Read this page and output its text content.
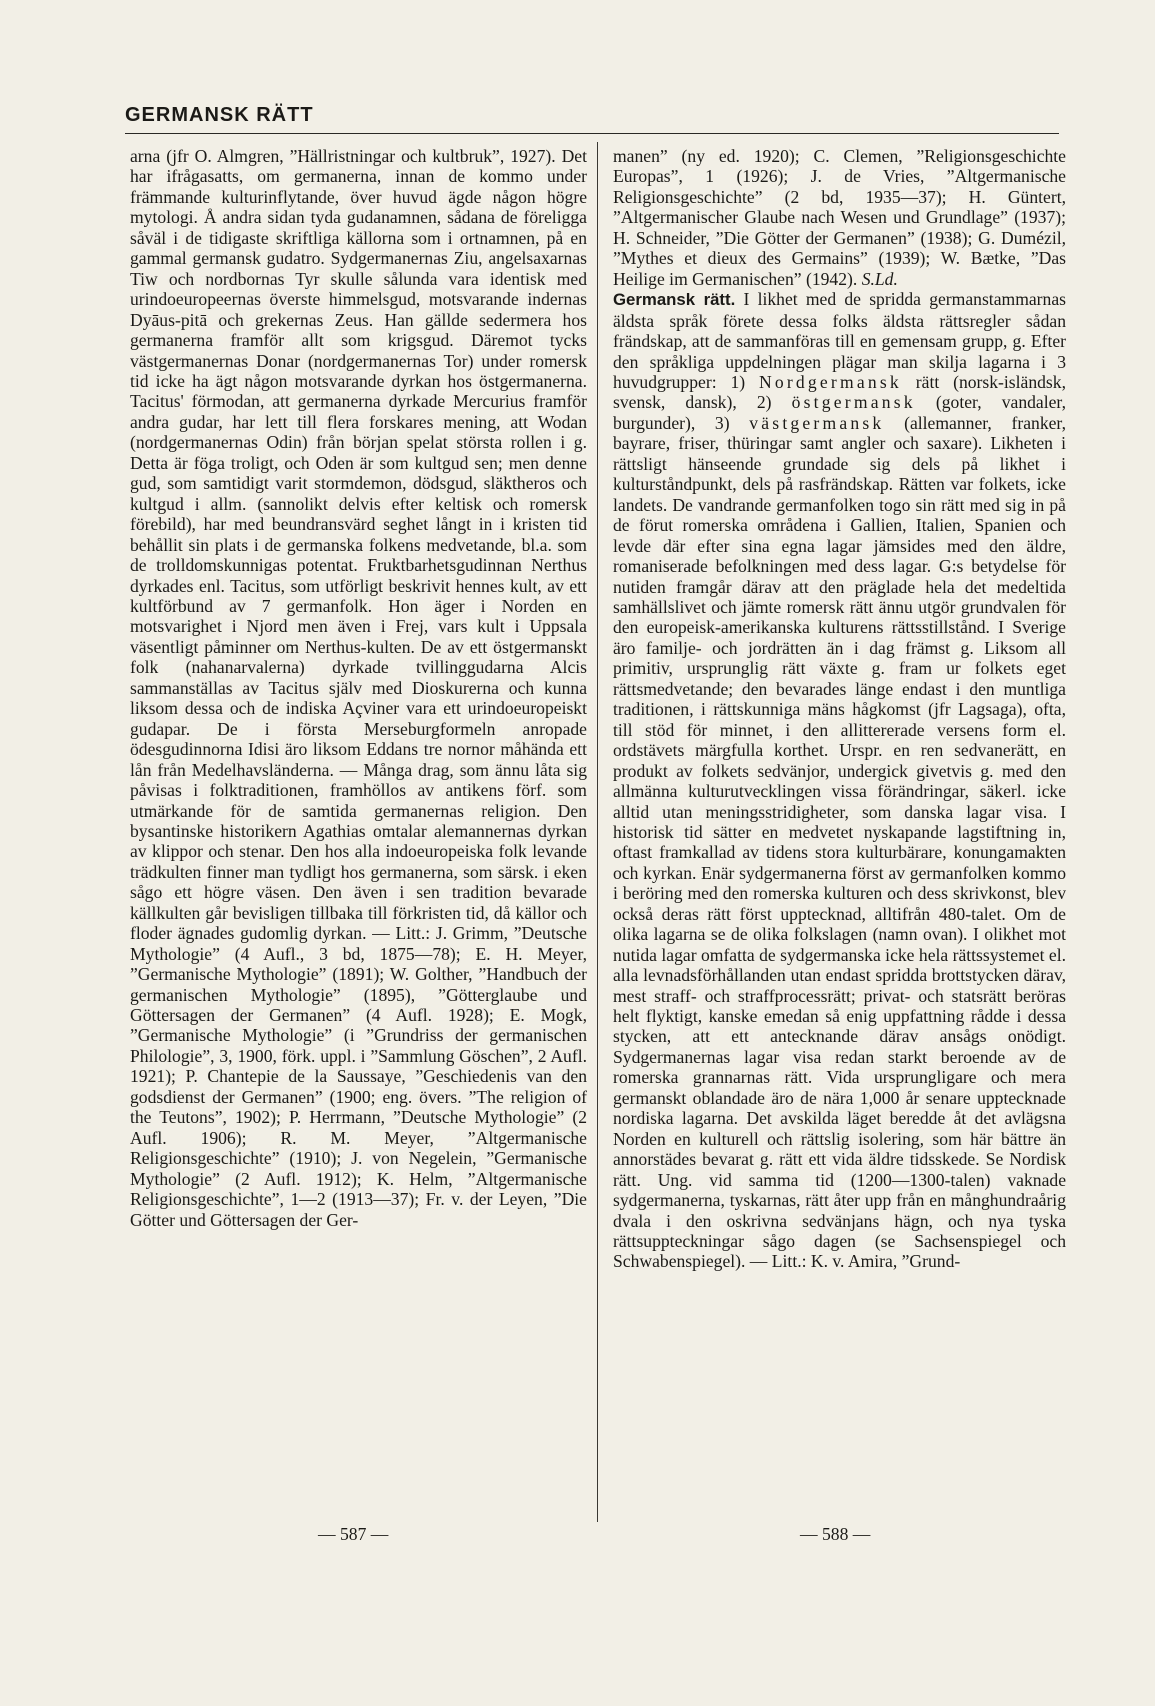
GERMANSK RÄTT

arna (jfr O. Almgren, ”Hällristningar och kultbruk”, 1927). Det har ifrågasatts, om germanerna, innan de kommo under främmande kulturinflytande, över huvud ägde någon högre mytologi. Å andra sidan tyda gudanamnen, sådana de föreligga såväl i de tidigaste skriftliga källorna som i ortnamnen, på en gammal germansk gudatro. Sydgermanernas Ziu, angelsaxarnas Tiw och nordbornas Tyr skulle sålunda vara identisk med urindoeuropeernas överste himmelsgud, motsvarande indernas Dyāus-pitā och grekernas Zeus. Han gällde sedermera hos germanerna framför allt som krigsgud. Däremot tycks västgermanernas Donar (nordgermanernas Tor) under romersk tid icke ha ägt någon motsvarande dyrkan hos östgermanerna. Tacitus' förmodan, att germanerna dyrkade Mercurius framför andra gudar, har lett till flera forskares mening, att Wodan (nordgermanernas Odin) från början spelat största rollen i g. Detta är föga troligt, och Oden är som kultgud sen; men denne gud, som samtidigt varit stormdemon, dödsgud, släktheros och kultgud i allm. (sannolikt delvis efter keltisk och romersk förebild), har med beundransvärd seghet långt in i kristen tid behållit sin plats i de germanska folkens medvetande, bl.a. som de trolldomskunnigas potentat. Fruktbarhetsgudinnan Nerthus dyrkades enl. Tacitus, som utförligt beskrivit hennes kult, av ett kultförbund av 7 germanfolk. Hon äger i Norden en motsvarighet i Njord men även i Frej, vars kult i Uppsala väsentligt påminner om Nerthus-kulten. De av ett östgermanskt folk (nahanarvalerna) dyrkade tvillinggudarna Alcis sammanställas av Tacitus själv med Dioskurerna och kunna liksom dessa och de indiska Açviner vara ett urindoeuropeiskt gudapar. De i första Merseburgformeln anropade ödesgudinnorna Idisi äro liksom Eddans tre nornor måhända ett lån från Medelhavsländerna. — Många drag, som ännu låta sig påvisas i folktraditionen, framhöllos av antikens förf. som utmärkande för de samtida germanernas religion. Den bysantinske historikern Agathias omtalar alemannernas dyrkan av klippor och stenar. Den hos alla indoeuropeiska folk levande trädkulten finner man tydligt hos germanerna, som särsk. i eken sågo ett högre väsen. Den även i sen tradition bevarade källkulten går bevisligen tillbaka till förkristen tid, då källor och floder ägnades gudomlig dyrkan. — Litt.: J. Grimm, ”Deutsche Mythologie” (4 Aufl., 3 bd, 1875—78); E. H. Meyer, ”Germanische Mythologie” (1891); W. Golther, ”Handbuch der germanischen Mythologie” (1895), ”Götterglaube und Göttersagen der Germanen” (4 Aufl. 1928); E. Mogk, ”Germanische Mythologie” (i ”Grundriss der germanischen Philologie”, 3, 1900, förk. uppl. i ”Sammlung Göschen”, 2 Aufl. 1921); P. Chantepie de la Saussaye, ”Geschiedenis van den godsdienst der Germanen” (1900; eng. övers. ”The religion of the Teutons”, 1902); P. Herrmann, ”Deutsche Mythologie” (2 Aufl. 1906); R. M. Meyer, ”Altgermanische Religionsgeschichte” (1910); J. von Negelein, ”Germanische Mythologie” (2 Aufl. 1912); K. Helm, ”Altgermanische Religionsgeschichte”, 1—2 (1913—37); Fr. v. der Leyen, ”Die Götter und Göttersagen der Ger-

manen” (ny ed. 1920); C. Clemen, ”Religionsgeschichte Europas”, 1 (1926); J. de Vries, ”Altgermanische Religionsgeschichte” (2 bd, 1935—37); H. Güntert, ”Altgermanischer Glaube nach Wesen und Grundlage” (1937); H. Schneider, ”Die Götter der Germanen” (1938); G. Dumézil, ”Mythes et dieux des Germains” (1939); W. Bætke, ”Das Heilige im Germanischen” (1942). S.Ld.

Germansk rätt. I likhet med de spridda germanstammarnas äldsta språk förete dessa folks äldsta rättsregler sådan frändskap, att de sammanföras till en gemensam grupp, g. Efter den språkliga uppdelningen plägar man skilja lagarna i 3 huvudgrupper: 1) Nordgermansk rätt (norsk-isländsk, svensk, dansk), 2) östgermansk (goter, vandaler, burgunder), 3) västgermansk (allemanner, franker, bayrare, friser, thüringar samt angler och saxare). Likheten i rättsligt hänseende grundade sig dels på likhet i kulturståndpunkt, dels på rasfrändskap. Rätten var folkets, icke landets. De vandrande germanfolken togo sin rätt med sig in på de förut romerska områdena i Gallien, Italien, Spanien och levde där efter sina egna lagar jämsides med den äldre, romaniserade befolkningen med dess lagar. G:s betydelse för nutiden framgår därav att den präglade hela det medeltida samhällslivet och jämte romersk rätt ännu utgör grundvalen för den europeisk-amerikanska kulturens rättsstillstånd. I Sverige äro familje- och jordrätten än i dag främst g. Liksom all primitiv, ursprunglig rätt växte g. fram ur folkets eget rättsmedvetande; den bevarades länge endast i den muntliga traditionen, i rättskunniga mäns hågkomst (jfr Lagsaga), ofta, till stöd för minnet, i den allittererade versens form el. ordstävets märgfulla korthet. Urspr. en ren sedvanerätt, en produkt av folkets sedvänjor, undergick givetvis g. med den allmänna kulturutvecklingen vissa förändringar, säkerl. icke alltid utan meningsstridigheter, som danska lagar visa. I historisk tid sätter en medvetet nyskapande lagstiftning in, oftast framkallad av tidens stora kulturbärare, konungamakten och kyrkan. Enär sydgermanerna först av germanfolken kommo i beröring med den romerska kulturen och dess skrivkonst, blev också deras rätt först upptecknad, alltifrån 480-talet. Om de olika lagarna se de olika folkslagen (namn ovan). I olikhet mot nutida lagar omfatta de sydgermanska icke hela rättssystemet el. alla levnadsförhållanden utan endast spridda brottstycken därav, mest straff- och straffprocessrätt; privat- och statsrätt beröras helt flyktigt, kanske emedan så enig uppfattning rådde i dessa stycken, att ett antecknande därav ansågs onödigt. Sydgermanernas lagar visa redan starkt beroende av de romerska grannarnas rätt. Vida ursprungligare och mera germanskt oblandade äro de nära 1,000 år senare upptecknade nordiska lagarna. Det avskilda läget beredde åt det avlägsna Norden en kulturell och rättslig isolering, som här bättre än annorstädes bevarat g. rätt ett vida äldre tidsskede. Se Nordisk rätt. Ung. vid samma tid (1200—1300-talen) vaknade sydgermanerna, tyskarnas, rätt åter upp från en månghundraårig dvala i den oskrivna sedvänjans hägn, och nya tyska rättsuppteckningar sågo dagen (se Sachsenspiegel och Schwabenspiegel). — Litt.: K. v. Amira, ”Grund-

— 587 —	— 588 —
